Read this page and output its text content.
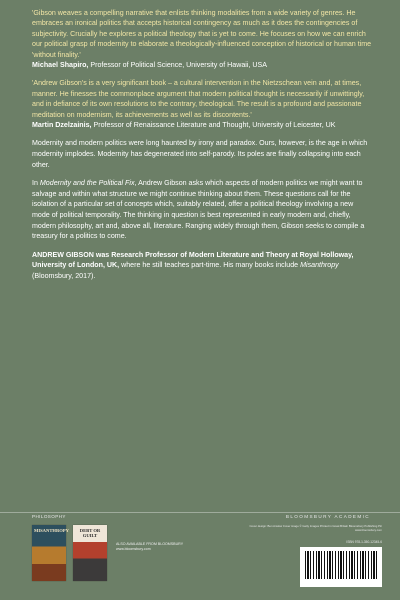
'Gibson weaves a compelling narrative that enlists thinking modalities from a wide variety of genres. He embraces an ironical politics that accepts historical contingency as much as it does the contingencies of subjectivity. Crucially he explores a political theology that is yet to come. He focuses on how we can enrich our political grasp of modernity to elaborate a theologically-influenced conception of historical or human time 'without finality.'

Michael Shapiro, Professor of Political Science, University of Hawaii, USA

'Andrew Gibson's is a very significant book – a cultural intervention in the Nietzschean vein and, at times, manner. He finesses the commonplace argument that modern political thought is necessarily if unwittingly, and in defiance of its own resolutions to the contrary, theological. The result is a profound and passionate meditation on modernism, its achievements as well as its discontents.'

Martin Dzelzainis, Professor of Renaissance Literature and Thought, University of Leicester, UK

Modernity and modern politics were long haunted by irony and paradox. Ours, however, is the age in which modernity implodes. Modernity has degenerated into self-parody. Its poles are finally collapsing into each other.

In Modernity and the Political Fix, Andrew Gibson asks which aspects of modern politics we might want to salvage and within what structure we might continue thinking about them. These questions call for the isolation of a particular set of concepts which, suitably related, offer a political theology involving a new mode of political temporality. The thinking in question is best represented in early modern and, chiefly, modern philosophy, art and, above all, literature. Ranging widely through them, Gibson seeks to compile a treasury for a politics to come.

ANDREW GIBSON was Research Professor of Modern Literature and Theory at Royal Holloway, University of London, UK, where he still teaches part-time. His many books include Misanthropy (Bloomsbury, 2017).

PHILOSOPHY	BLOOMSBURY ACADEMIC
MISANTHROPY	DEBT OR GUILT
ALSO AVAILABLE FROM BLOOMSBURY www.bloomsbury.com
Cover design: Ben Anslow Cover image © Getty Images Printed in Great Britain Bloomsbury Publishing Plc www.bloomsbury.com
ISBN 978-1-350-12345-6
